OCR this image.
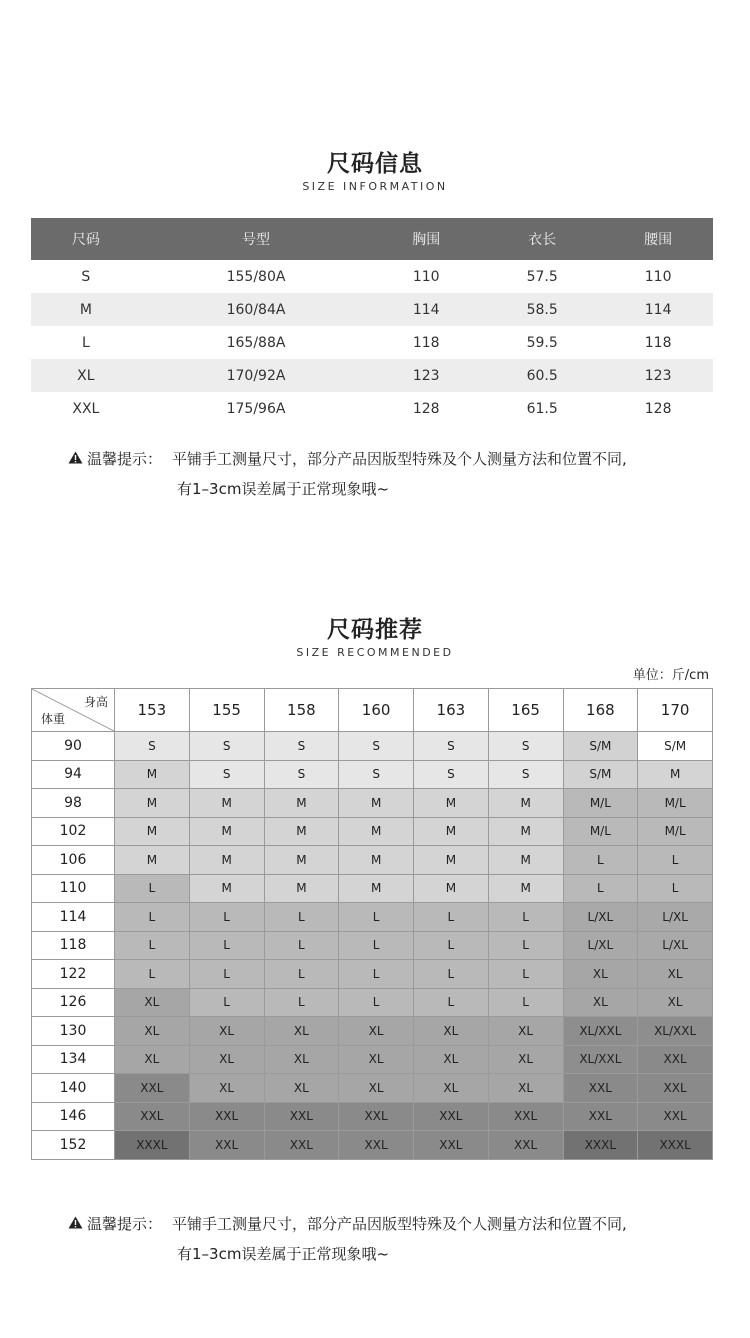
尺码信息
SIZE INFORMATION
尺码	号型	胸围	衣长	腰围
S	155/80A	110	57.5	110
M	160/84A	114	58.5	114
L	165/88A	118	59.5	118
XL	170/92A	123	60.5	123
XXL	175/96A	128	61.5	128
温馨提示： 平铺手工测量尺寸，部分产品因版型特殊及个人测量方法和位置不同,
有1–3cm误差属于正常现象哦~
尺码推荐
SIZE RECOMMENDED
单位：斤/cm
身高
体重	153	155	158	160	163	165	168	170
90	S	S	S	S	S	S	S/M	S/M
94	M	S	S	S	S	S	S/M	M
98	M	M	M	M	M	M	M/L	M/L
102	M	M	M	M	M	M	M/L	M/L
106	M	M	M	M	M	M	L	L
110	L	M	M	M	M	M	L	L
114	L	L	L	L	L	L	L/XL	L/XL
118	L	L	L	L	L	L	L/XL	L/XL
122	L	L	L	L	L	L	XL	XL
126	XL	L	L	L	L	L	XL	XL
130	XL	XL	XL	XL	XL	XL	XL/XXL	XL/XXL
134	XL	XL	XL	XL	XL	XL	XL/XXL	XXL
140	XXL	XL	XL	XL	XL	XL	XXL	XXL
146	XXL	XXL	XXL	XXL	XXL	XXL	XXL	XXL
152	XXXL	XXL	XXL	XXL	XXL	XXL	XXXL	XXXL
温馨提示： 平铺手工测量尺寸，部分产品因版型特殊及个人测量方法和位置不同,
有1–3cm误差属于正常现象哦~
